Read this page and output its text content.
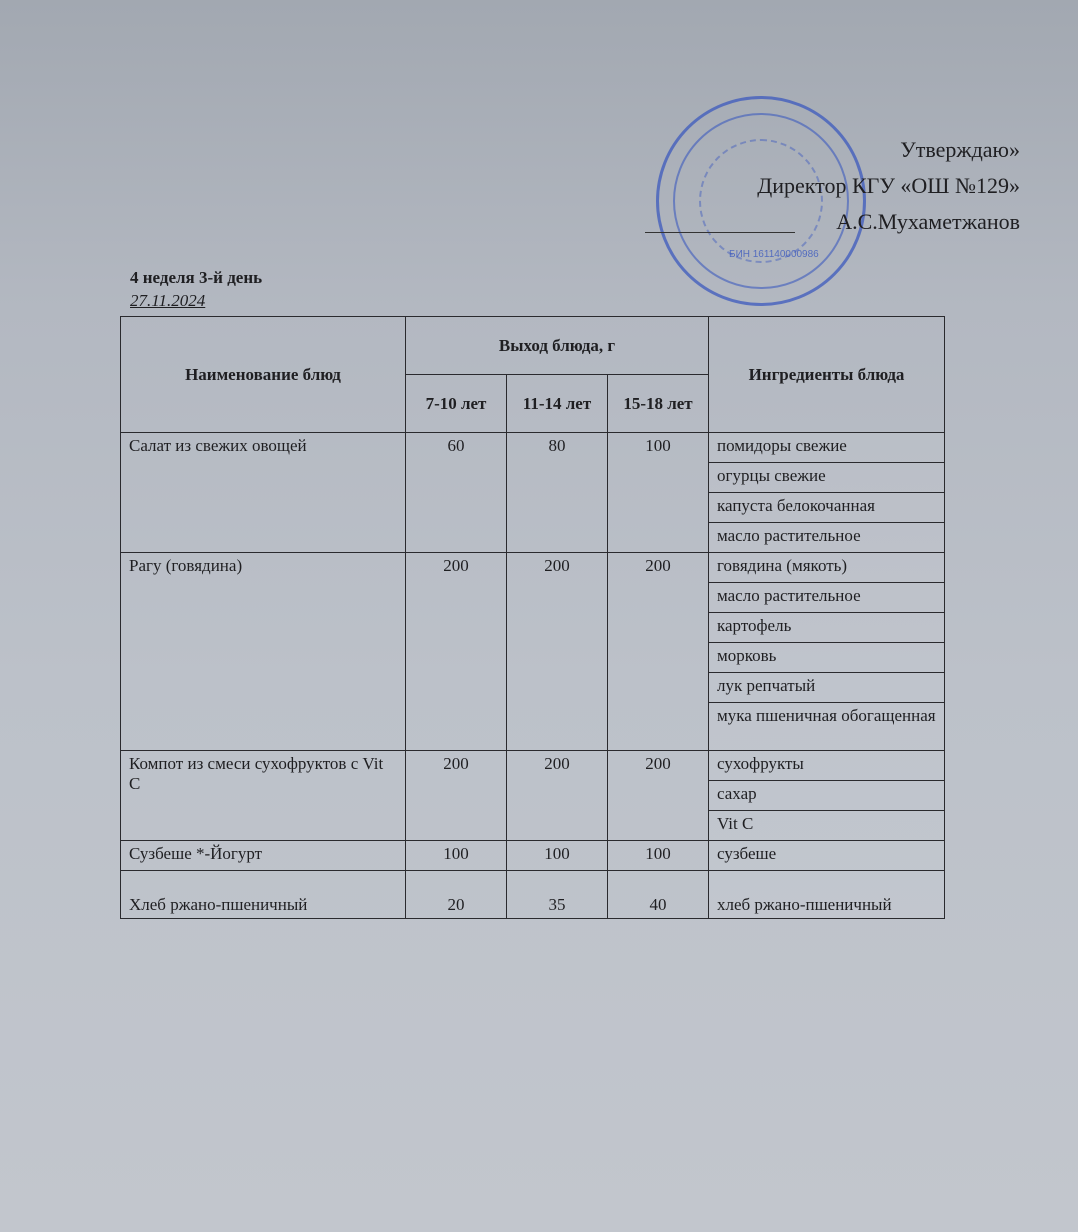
БИН 161140000986
Утверждаю»
Директор КГУ «ОШ №129»
А.С.Мухаметжанов
4 неделя 3-й день
27.11.2024
Наименование блюд	Выход блюда, г			Ингредиенты блюда
	7-10 лет	11-14 лет	15-18 лет	
Салат из свежих овощей	60	80	100	помидоры свежие
				огурцы свежие
				капуста белокочанная
				масло растительное
Рагу (говядина)	200	200	200	говядина (мякоть)
				масло растительное
				картофель
				морковь
				лук репчатый
				мука пшеничная обогащенная
Компот из смеси сухофруктов с Vit C	200	200	200	сухофрукты
				сахар
				Vit C
Сузбеше *-Йогурт	100	100	100	сузбеше
Хлеб ржано-пшеничный	20	35	40	хлеб ржано-пшеничный
